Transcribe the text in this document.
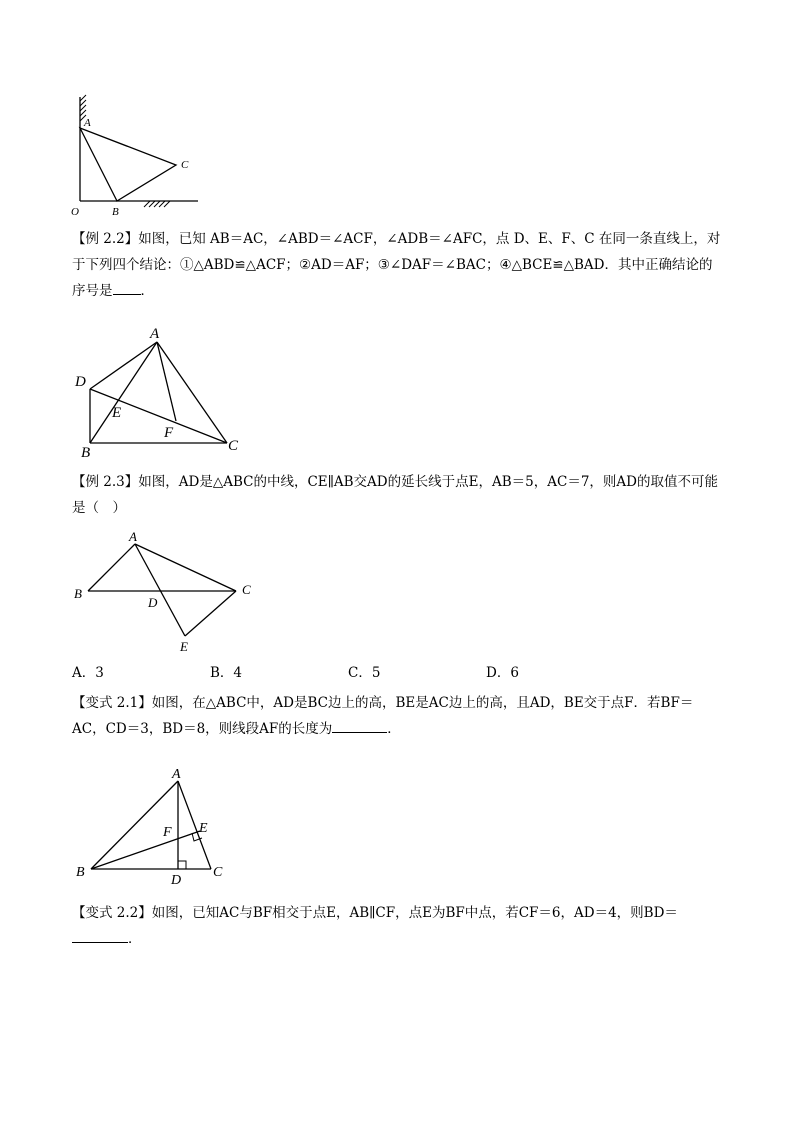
A
C
O	B

【例 2.2】如图，已知 AB＝AC，∠ABD＝∠ACF，∠ADB＝∠AFC，点 D、E、F、C 在同一条直线上，对于下列四个结论：①△ABD≌△ACF；②AD＝AF；③∠DAF＝∠BAC；④△BCE≌△BAD．其中正确结论的序号是 ．

A
D
E
F
B	C

【例 2.3】如图，AD是△ABC的中线，CE∥AB交AD的延长线于点E，AB＝5，AC＝7，则AD的取值不可能是（　）

A
B	C
D
E
A．3	B．4	C．5	D．6

【变式 2.1】如图，在△ABC中，AD是BC边上的高，BE是AC边上的高，且AD，BE交于点F．若BF＝AC，CD＝3，BD＝8，则线段AF的长度为	．

A
F E
B
D
C

【变式 2.2】如图，已知AC与BF相交于点E，AB∥CF，点E为BF中点，若CF＝6，AD＝4，则BD＝．
